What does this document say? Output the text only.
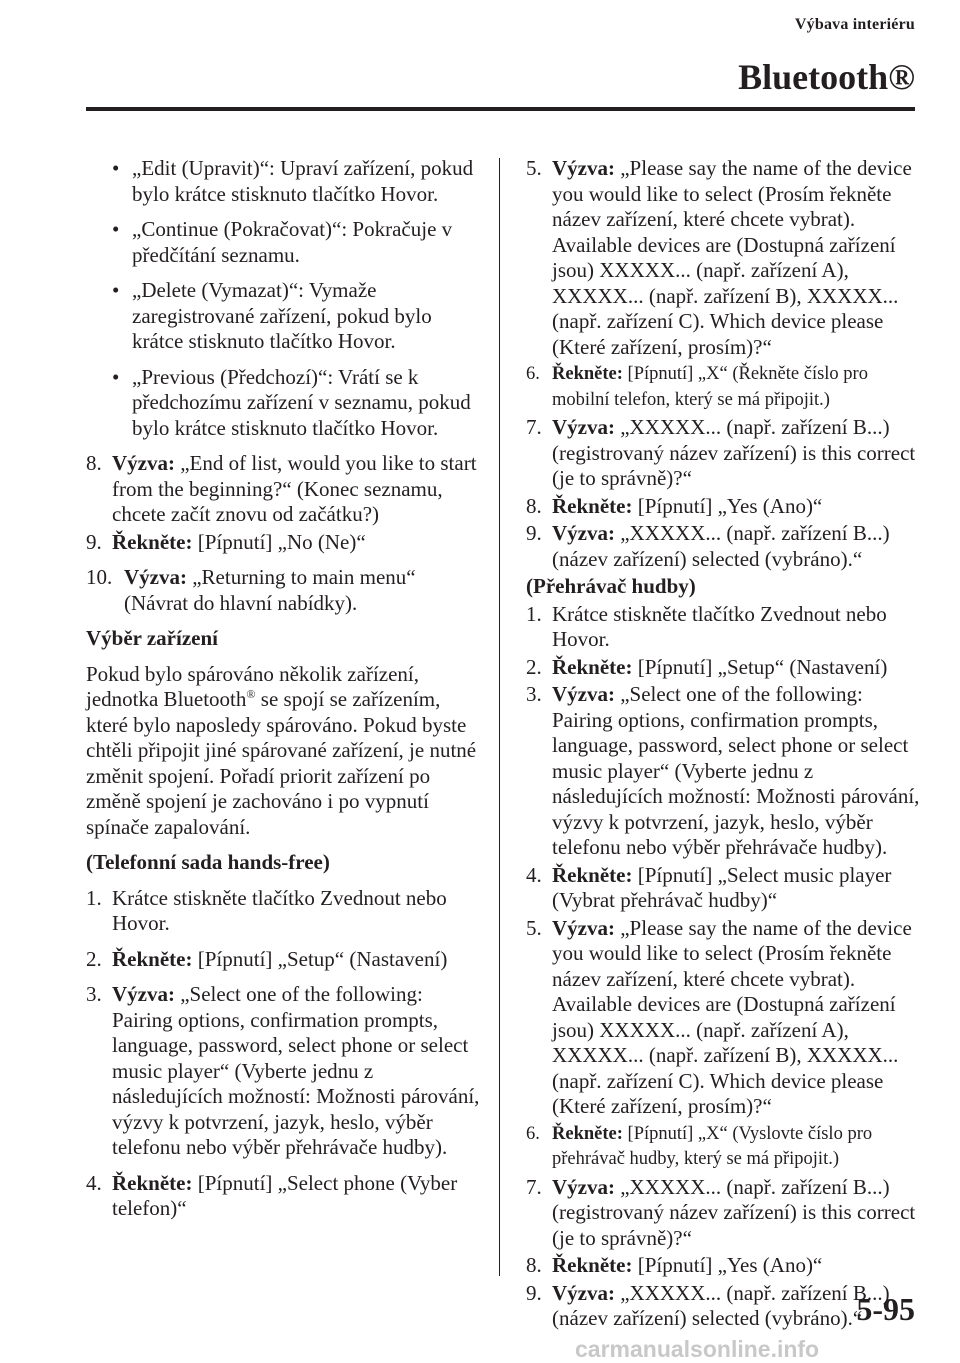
Výbava interiéru
Bluetooth®
• „Edit (Upravit)“: Upraví zařízení, pokud bylo krátce stisknuto tlačítko Hovor.
• „Continue (Pokračovat)“: Pokračuje v předčítání seznamu.
• „Delete (Vymazat)“: Vymaže zaregistrované zařízení, pokud bylo krátce stisknuto tlačítko Hovor.
• „Previous (Předchozí)“: Vrátí se k předchozímu zařízení v seznamu, pokud bylo krátce stisknuto tlačítko Hovor.
8. Výzva: „End of list, would you like to start from the beginning?“ (Konec seznamu, chcete začít znovu od začátku?)
9. Řekněte: [Pípnutí] „No (Ne)“
10. Výzva: „Returning to main menu“ (Návrat do hlavní nabídky).
Výběr zařízení
Pokud bylo spárováno několik zařízení, jednotka Bluetooth® se spojí se zařízením, které bylo naposledy spárováno. Pokud byste chtěli připojit jiné spárované zařízení, je nutné změnit spojení. Pořadí priorit zařízení po změně spojení je zachováno i po vypnutí spínače zapalování.
(Telefonní sada hands-free)
1. Krátce stiskněte tlačítko Zvednout nebo Hovor.
2. Řekněte: [Pípnutí] „Setup“ (Nastavení)
3. Výzva: „Select one of the following: Pairing options, confirmation prompts, language, password, select phone or select music player“ (Vyberte jednu z následujících možností: Možnosti párování, výzvy k potvrzení, jazyk, heslo, výběr telefonu nebo výběr přehrávače hudby).
4. Řekněte: [Pípnutí] „Select phone (Vyber telefon)“
5. Výzva: „Please say the name of the device you would like to select (Prosím řekněte název zařízení, které chcete vybrat). Available devices are (Dostupná zařízení jsou) XXXXX... (např. zařízení A), XXXXX... (např. zařízení B), XXXXX... (např. zařízení C). Which device please (Které zařízení, prosím)?“
6. Řekněte: [Pípnutí] „X“ (Řekněte číslo pro mobilní telefon, který se má připojit.)
7. Výzva: „XXXXX... (např. zařízení B...) (registrovaný název zařízení) is this correct (je to správně)?“
8. Řekněte: [Pípnutí] „Yes (Ano)“
9. Výzva: „XXXXX... (např. zařízení B...) (název zařízení) selected (vybráno).“
(Přehrávač hudby)
1. Krátce stiskněte tlačítko Zvednout nebo Hovor.
2. Řekněte: [Pípnutí] „Setup“ (Nastavení)
3. Výzva: „Select one of the following: Pairing options, confirmation prompts, language, password, select phone or select music player“ (Vyberte jednu z následujících možností: Možnosti párování, výzvy k potvrzení, jazyk, heslo, výběr telefonu nebo výběr přehrávače hudby).
4. Řekněte: [Pípnutí] „Select music player (Vybrat přehrávač hudby)“
5. Výzva: „Please say the name of the device you would like to select (Prosím řekněte název zařízení, které chcete vybrat). Available devices are (Dostupná zařízení jsou) XXXXX... (např. zařízení A), XXXXX... (např. zařízení B), XXXXX... (např. zařízení C). Which device please (Které zařízení, prosím)?“
6. Řekněte: [Pípnutí] „X“ (Vyslovte číslo pro přehrávač hudby, který se má připojit.)
7. Výzva: „XXXXX... (např. zařízení B...) (registrovaný název zařízení) is this correct (je to správně)?“
8. Řekněte: [Pípnutí] „Yes (Ano)“
9. Výzva: „XXXXX... (např. zařízení B...) (název zařízení) selected (vybráno).“
5-95
carmanualsonline.info
